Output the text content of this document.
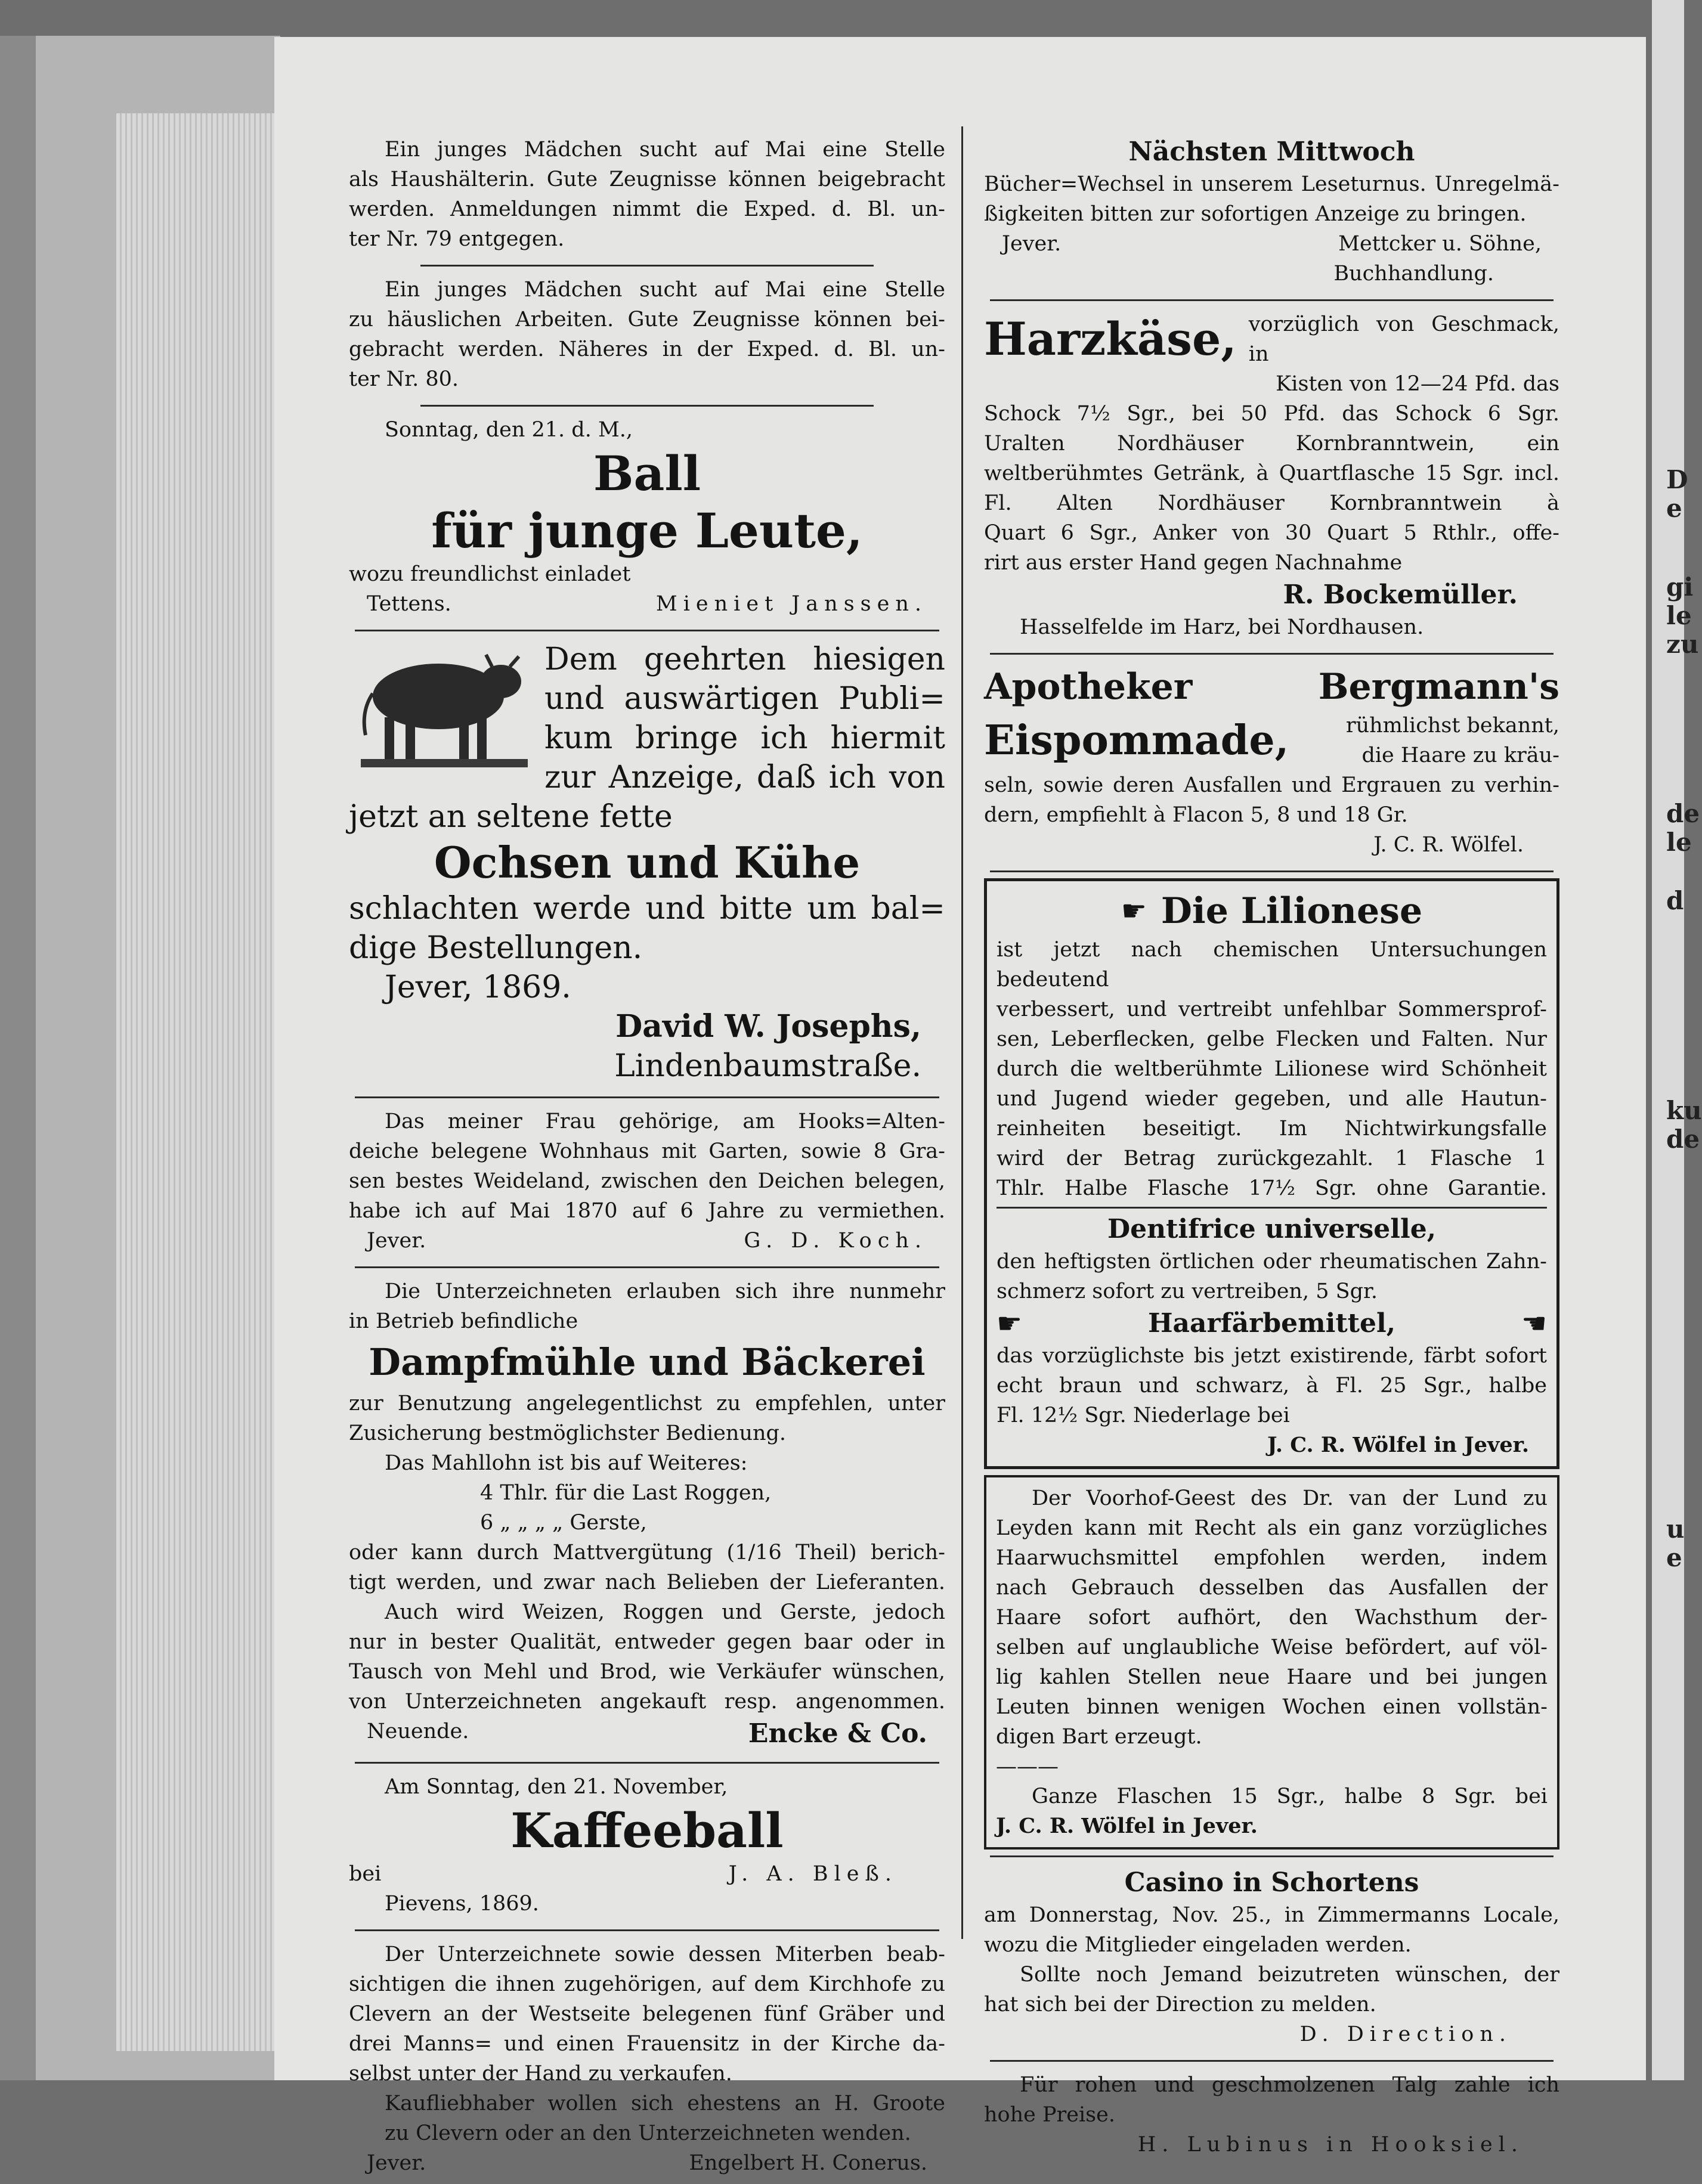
D
e
gi
le
zu
de
le
d
ku
de
u
e

Ein junges Mädchen sucht auf Mai eine Stelle

als Haushälterin. Gute Zeugnisse können beigebracht

werden. Anmeldungen nimmt die Exped. d. Bl. un-

ter Nr. 79 entgegen.

Ein junges Mädchen sucht auf Mai eine Stelle

zu häuslichen Arbeiten. Gute Zeugnisse können bei-

gebracht werden. Näheres in der Exped. d. Bl. un-

ter Nr. 80.

Sonntag, den 21. d. M.,

Ball
für junge Leute,

wozu freundlichst einladet

Tettens.	Mieniet Janssen.

Dem geehrten hiesigen

und auswärtigen Publi=

kum bringe ich hiermit

zur Anzeige, daß ich von

jetzt an seltene fette

Ochsen und Kühe

schlachten werde und bitte um bal=

dige Bestellungen.

Jever, 1869.

David W. Josephs,

Lindenbaumstraße.

Das meiner Frau gehörige, am Hooks=Alten-

deiche belegene Wohnhaus mit Garten, sowie 8 Gra-

sen bestes Weideland, zwischen den Deichen belegen,

habe ich auf Mai 1870 auf 6 Jahre zu vermiethen.

Jever.	G. D. Koch.

Die Unterzeichneten erlauben sich ihre nunmehr

in Betrieb befindliche

Dampfmühle und Bäckerei

zur Benutzung angelegentlichst zu empfehlen, unter

Zusicherung bestmöglichster Bedienung.

Das Mahllohn ist bis auf Weiteres:

4 Thlr. für die Last Roggen,

6 „ „ „ „ Gerste,

oder kann durch Mattvergütung (1/16 Theil) berich-

tigt werden, und zwar nach Belieben der Lieferanten.

Auch wird Weizen, Roggen und Gerste, jedoch

nur in bester Qualität, entweder gegen baar oder in

Tausch von Mehl und Brod, wie Verkäufer wünschen,

von Unterzeichneten angekauft resp. angenommen.

Neuende.	Encke & Co.

Am Sonntag, den 21. November,

Kaffeeball

bei	J. A. Bleß.

Pievens, 1869.

Der Unterzeichnete sowie dessen Miterben beab-

sichtigen die ihnen zugehörigen, auf dem Kirchhofe zu

Clevern an der Westseite belegenen fünf Gräber und

drei Manns= und einen Frauensitz in der Kirche da-

selbst unter der Hand zu verkaufen.

Kaufliebhaber wollen sich ehestens an H. Groote

zu Clevern oder an den Unterzeichneten wenden.

Jever.	Engelbert H. Conerus.

Nächsten Mittwoch

Bücher=Wechsel in unserem Leseturnus. Unregelmä-

ßigkeiten bitten zur sofortigen Anzeige zu bringen.

Jever.	Mettcker u. Söhne,

Buchhandlung.

Harzkäse, vorzüglich von Geschmack, in

Kisten von 12—24 Pfd. das

Schock 7½ Sgr., bei 50 Pfd. das Schock 6 Sgr.

Uralten Nordhäuser Kornbranntwein, ein

weltberühmtes Getränk, à Quartflasche 15 Sgr. incl.

Fl. Alten Nordhäuser Kornbranntwein à

Quart 6 Sgr., Anker von 30 Quart 5 Rthlr., offe-

rirt aus erster Hand gegen Nachnahme

R. Bockemüller.

Hasselfelde im Harz, bei Nordhausen.

Apotheker Bergmann's
Eispommade,	rühmlichst bekannt,

die Haare zu kräu-

seln, sowie deren Ausfallen und Ergrauen zu verhin-

dern, empfiehlt à Flacon 5, 8 und 18 Gr.

J. C. R. Wölfel.

☛ Die Lilionese

ist jetzt nach chemischen Untersuchungen bedeutend

verbessert, und vertreibt unfehlbar Sommersprof-

sen, Leberflecken, gelbe Flecken und Falten. Nur

durch die weltberühmte Lilionese wird Schönheit

und Jugend wieder gegeben, und alle Hautun-

reinheiten beseitigt. Im Nichtwirkungsfalle

wird der Betrag zurückgezahlt. 1 Flasche 1

Thlr. Halbe Flasche 17½ Sgr. ohne Garantie.

Dentifrice universelle,

den heftigsten örtlichen oder rheumatischen Zahn-

schmerz sofort zu vertreiben, 5 Sgr.

☛	Haarfärbemittel,	☚

das vorzüglichste bis jetzt existirende, färbt sofort

echt braun und schwarz, à Fl. 25 Sgr., halbe

Fl. 12½ Sgr. Niederlage bei

J. C. R. Wölfel in Jever.

Der Voorhof-Geest des Dr. van der Lund zu

Leyden kann mit Recht als ein ganz vorzügliches

Haarwuchsmittel empfohlen werden, indem

nach Gebrauch desselben das Ausfallen der

Haare sofort aufhört, den Wachsthum der-

selben auf unglaubliche Weise befördert, auf völ-

lig kahlen Stellen neue Haare und bei jungen

Leuten binnen wenigen Wochen einen vollstän-

digen Bart erzeugt.

———

Ganze Flaschen 15 Sgr., halbe 8 Sgr. bei

J. C. R. Wölfel in Jever.

Casino in Schortens

am Donnerstag, Nov. 25., in Zimmermanns Locale,

wozu die Mitglieder eingeladen werden.

Sollte noch Jemand beizutreten wünschen, der

hat sich bei der Direction zu melden.

D. Direction.

Für rohen und geschmolzenen Talg zahle ich

hohe Preise.

H. Lubinus in Hooksiel.
